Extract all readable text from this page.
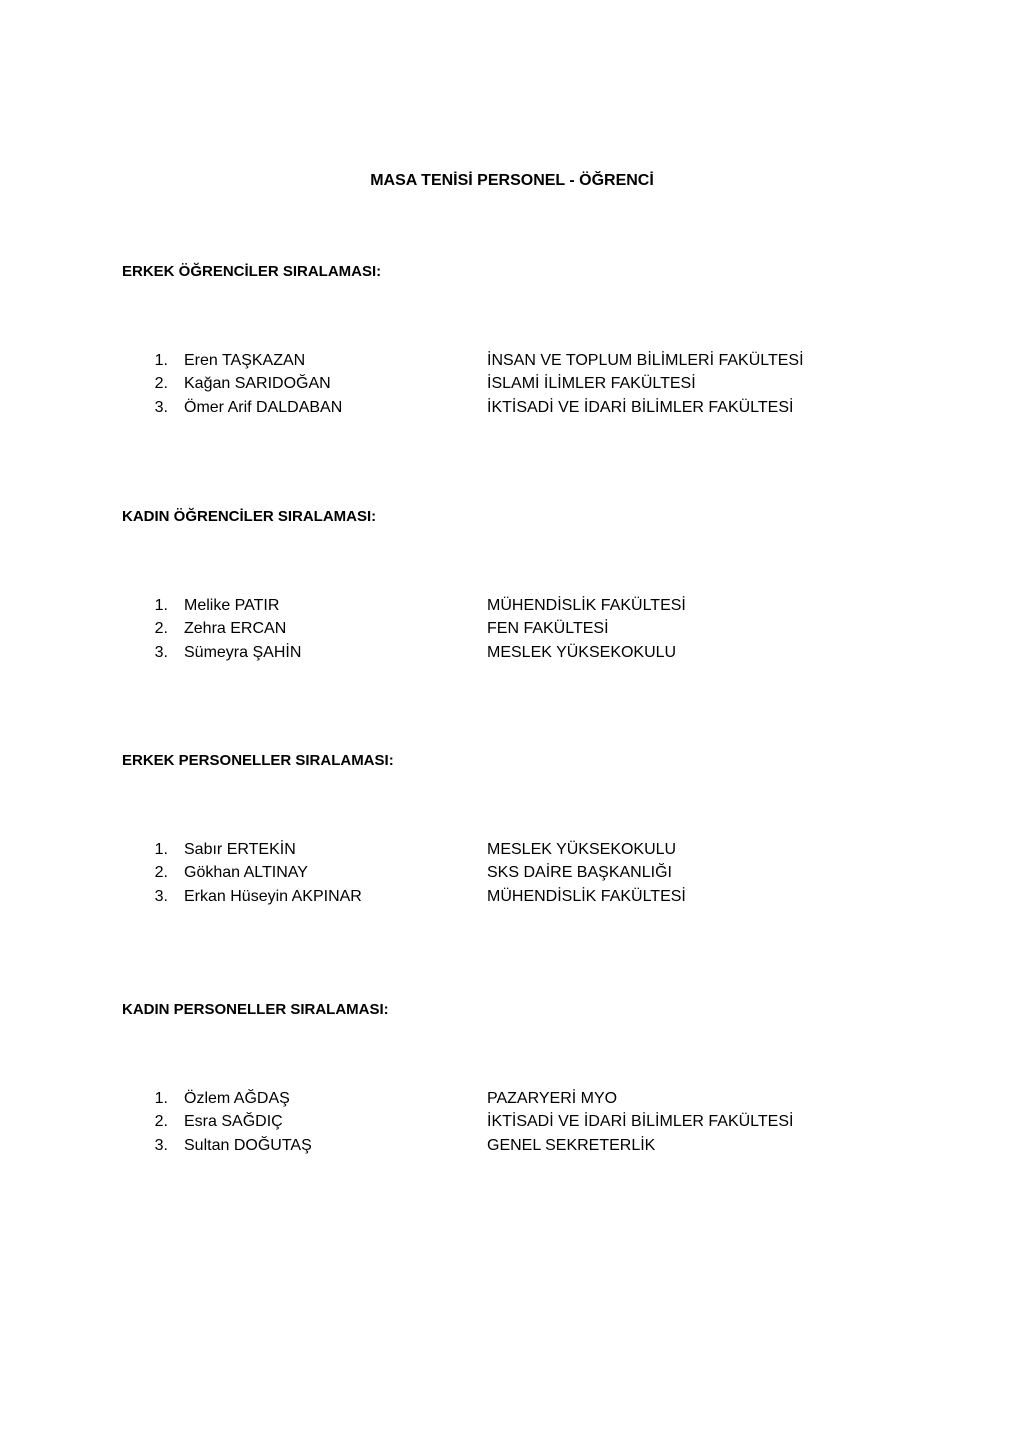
MASA TENİSİ PERSONEL - ÖĞRENCİ

ERKEK ÖĞRENCİLER SIRALAMASI:

1. Eren TAŞKAZAN	İNSAN VE TOPLUM BİLİMLERİ FAKÜLTESİ
2. Kağan SARIDOĞAN	İSLAMİ İLİMLER FAKÜLTESİ
3. Ömer Arif DALDABAN	İKTİSADİ VE İDARİ BİLİMLER FAKÜLTESİ

KADIN ÖĞRENCİLER SIRALAMASI:

1. Melike PATIR	MÜHENDİSLİK FAKÜLTESİ
2. Zehra ERCAN	FEN FAKÜLTESİ
3. Sümeyra ŞAHİN	MESLEK YÜKSEKOKULU

ERKEK PERSONELLER SIRALAMASI:

1. Sabır ERTEKİN	MESLEK YÜKSEKOKULU
2. Gökhan ALTINAY	SKS DAİRE BAŞKANLIĞI
3. Erkan Hüseyin AKPINAR	MÜHENDİSLİK FAKÜLTESİ

KADIN PERSONELLER SIRALAMASI:

1. Özlem AĞDAŞ	PAZARYERİ MYO
2. Esra SAĞDIÇ	İKTİSADİ VE İDARİ BİLİMLER FAKÜLTESİ
3. Sultan DOĞUTAŞ	GENEL SEKRETERLİK
